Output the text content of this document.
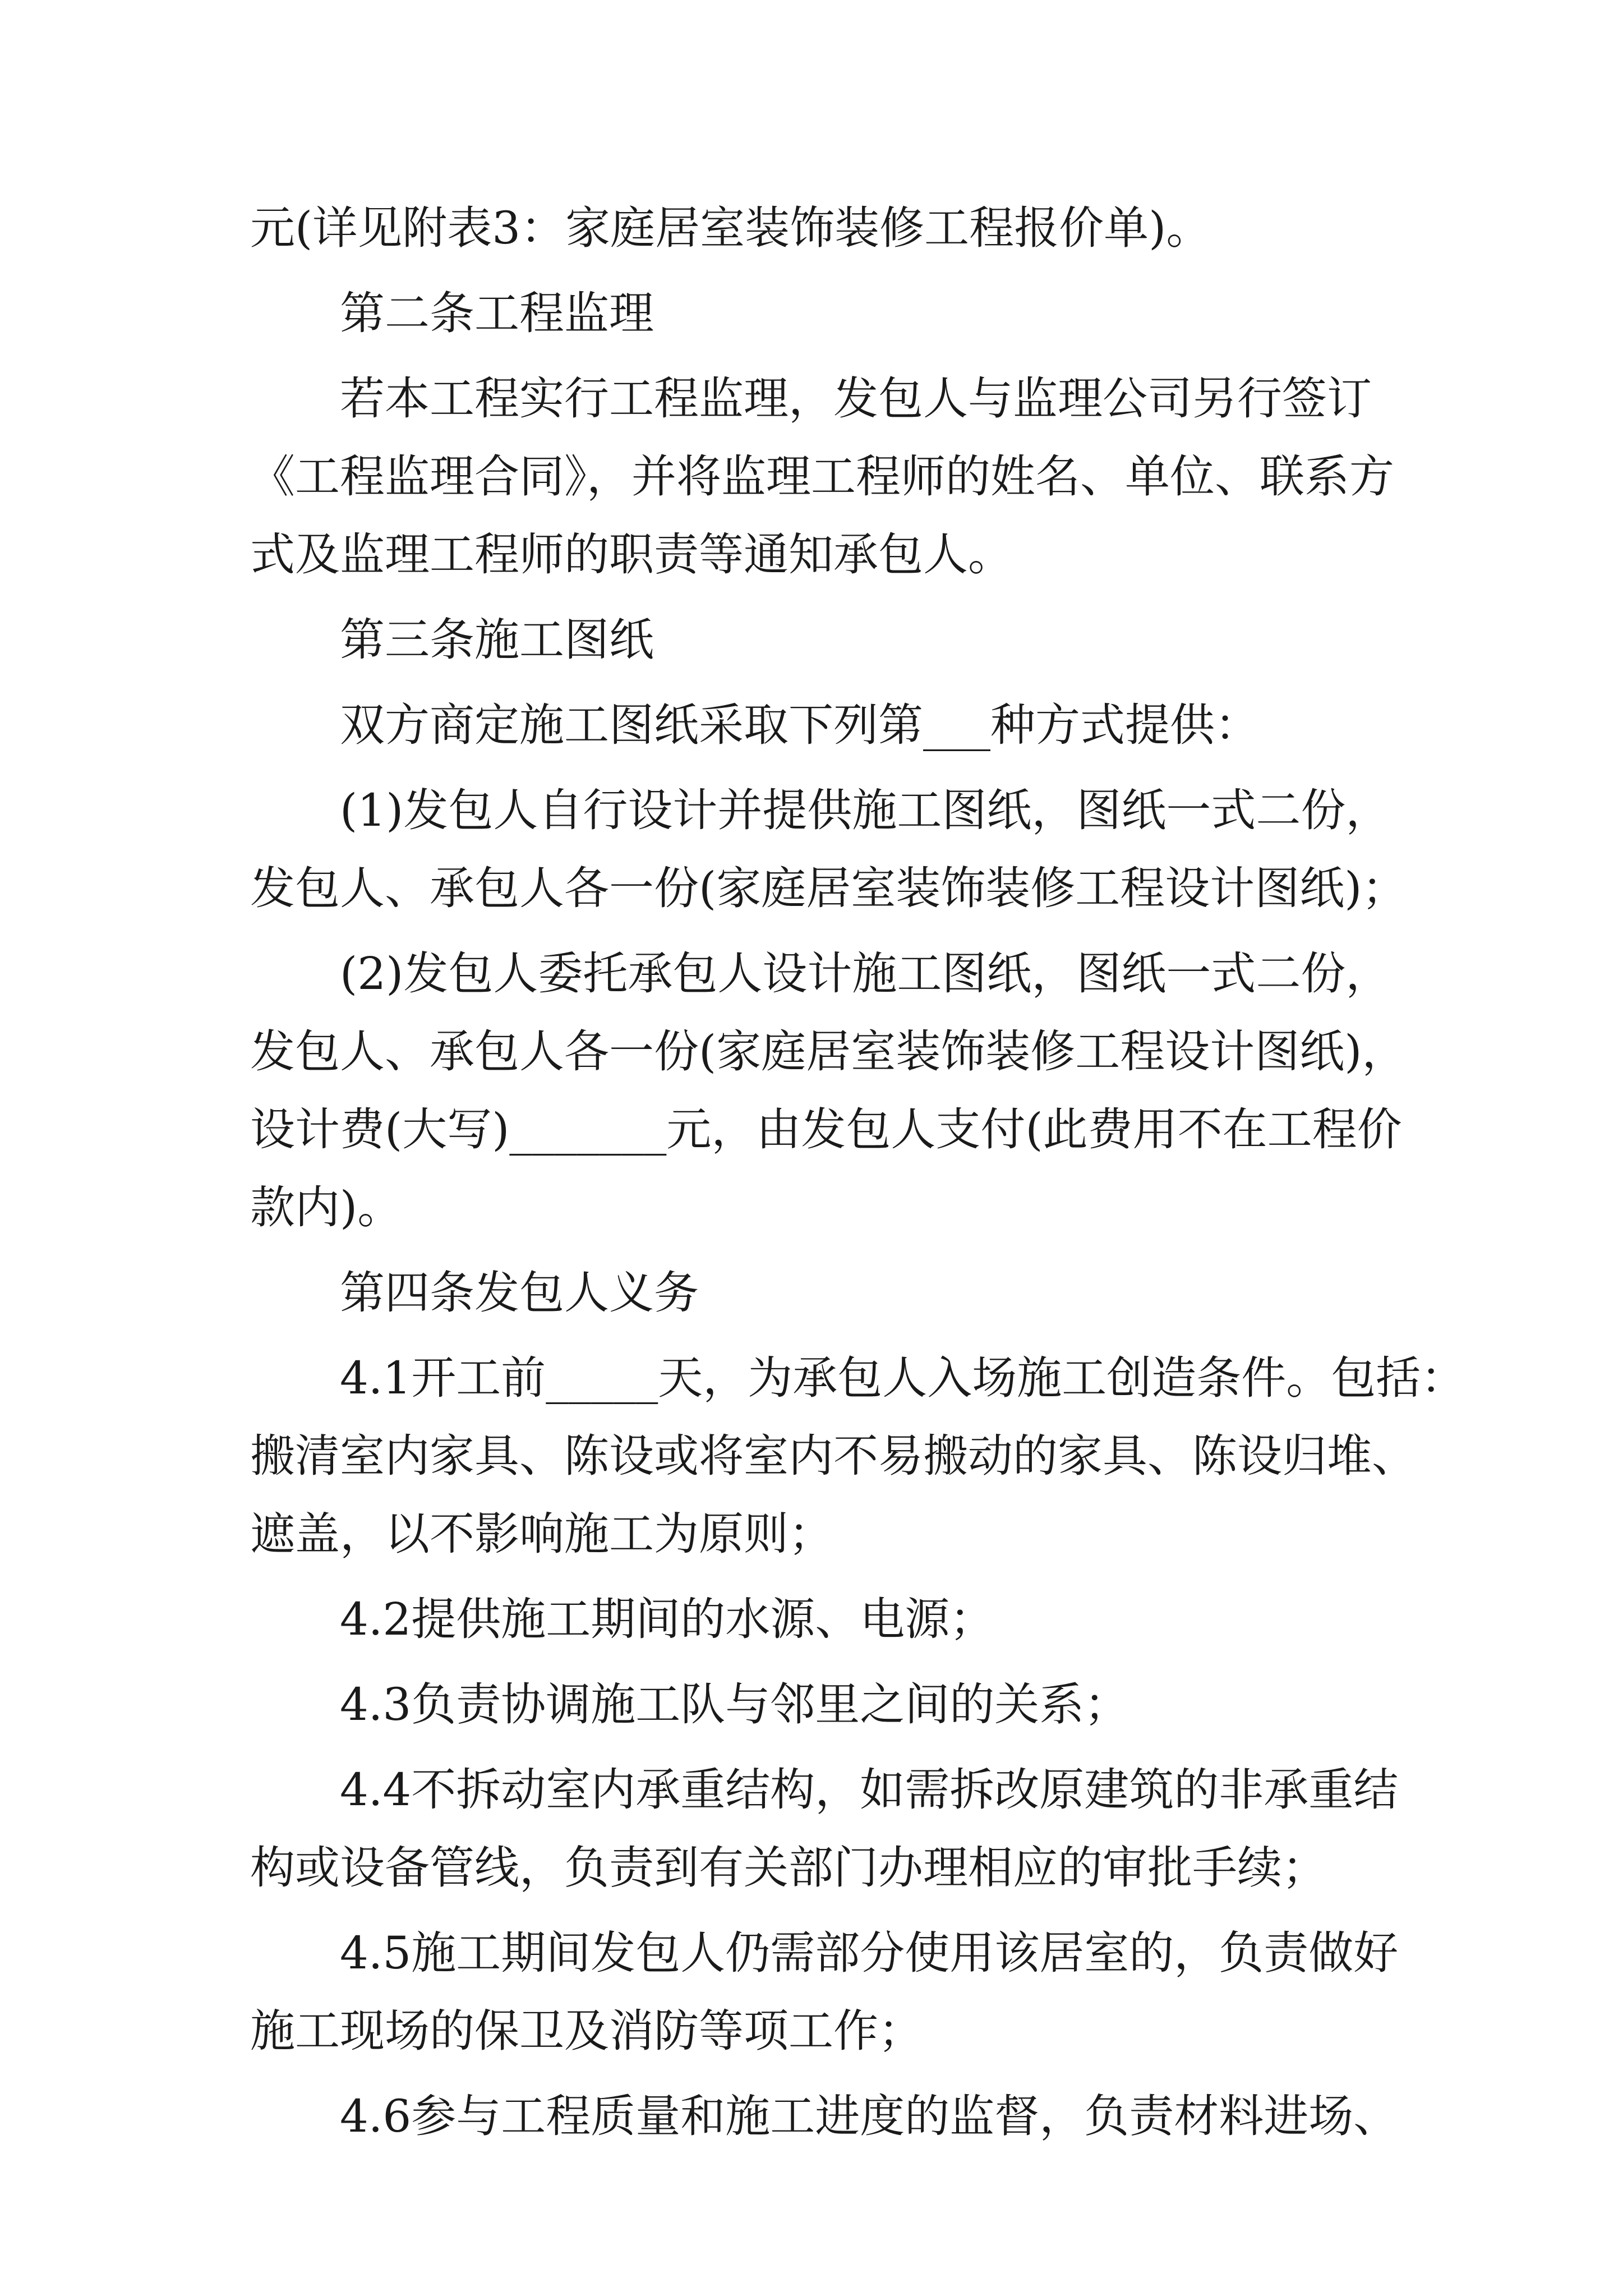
元(详见附表3：家庭居室装饰装修工程报价单)。
第二条工程监理
若本工程实行工程监理，发包人与监理公司另行签订
《工程监理合同》，并将监理工程师的姓名、单位、联系方
式及监理工程师的职责等通知承包人。
第三条施工图纸
双方商定施工图纸采取下列第___种方式提供：
(1)发包人自行设计并提供施工图纸，图纸一式二份，
发包人、承包人各一份(家庭居室装饰装修工程设计图纸)；
(2)发包人委托承包人设计施工图纸，图纸一式二份，
发包人、承包人各一份(家庭居室装饰装修工程设计图纸)，
设计费(大写)_______元，由发包人支付(此费用不在工程价
款内)。
第四条发包人义务
4.1开工前_____天，为承包人入场施工创造条件。包括：
搬清室内家具、陈设或将室内不易搬动的家具、陈设归堆、
遮盖，以不影响施工为原则；
4.2提供施工期间的水源、电源；
4.3负责协调施工队与邻里之间的关系；
4.4不拆动室内承重结构，如需拆改原建筑的非承重结
构或设备管线，负责到有关部门办理相应的审批手续；
4.5施工期间发包人仍需部分使用该居室的，负责做好
施工现场的保卫及消防等项工作；
4.6参与工程质量和施工进度的监督，负责材料进场、
